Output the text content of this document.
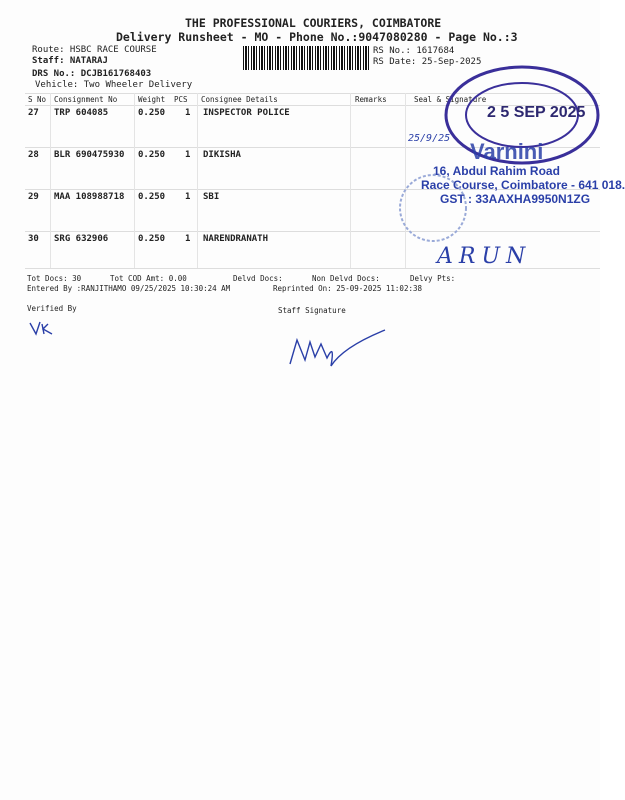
THE PROFESSIONAL COURIERS, COIMBATORE
Delivery Runsheet - MO - Phone No.:9047080280 - Page No.:3
Route: HSBC RACE COURSE
Staff: NATARAJ
DRS No.: DCJB161768403
Vehicle: Two Wheeler Delivery
RS No.: 1617684
RS Date: 25-Sep-2025
S No Consignment No	Weight PCS Consignee Details	Remarks	Seal & Signature
27 TRP 604085	0.250 1 INSPECTOR POLICE
28 BLR 690475930 0.250 1 DIKISHA
29 MAA 108988718 0.250 1 SBI
30 SRG 632906	0.250 1 NARENDRANATH
Tot Docs: 30	Tot COD Amt: 0.00	Delvd Docs:	Non Delvd Docs:	Delvy Pts:
Entered By :RANJITHAMO 09/25/2025 10:30:24 AM	Reprinted On: 25-09-2025 11:02:38
Verified By	Staff Signature
2 5 SEP 2025
Varnini
16, Abdul Rahim Road
Race Course, Coimbatore - 641 018.
GST : 33AAXHA9950N1ZG
25/9/25
ARUN
